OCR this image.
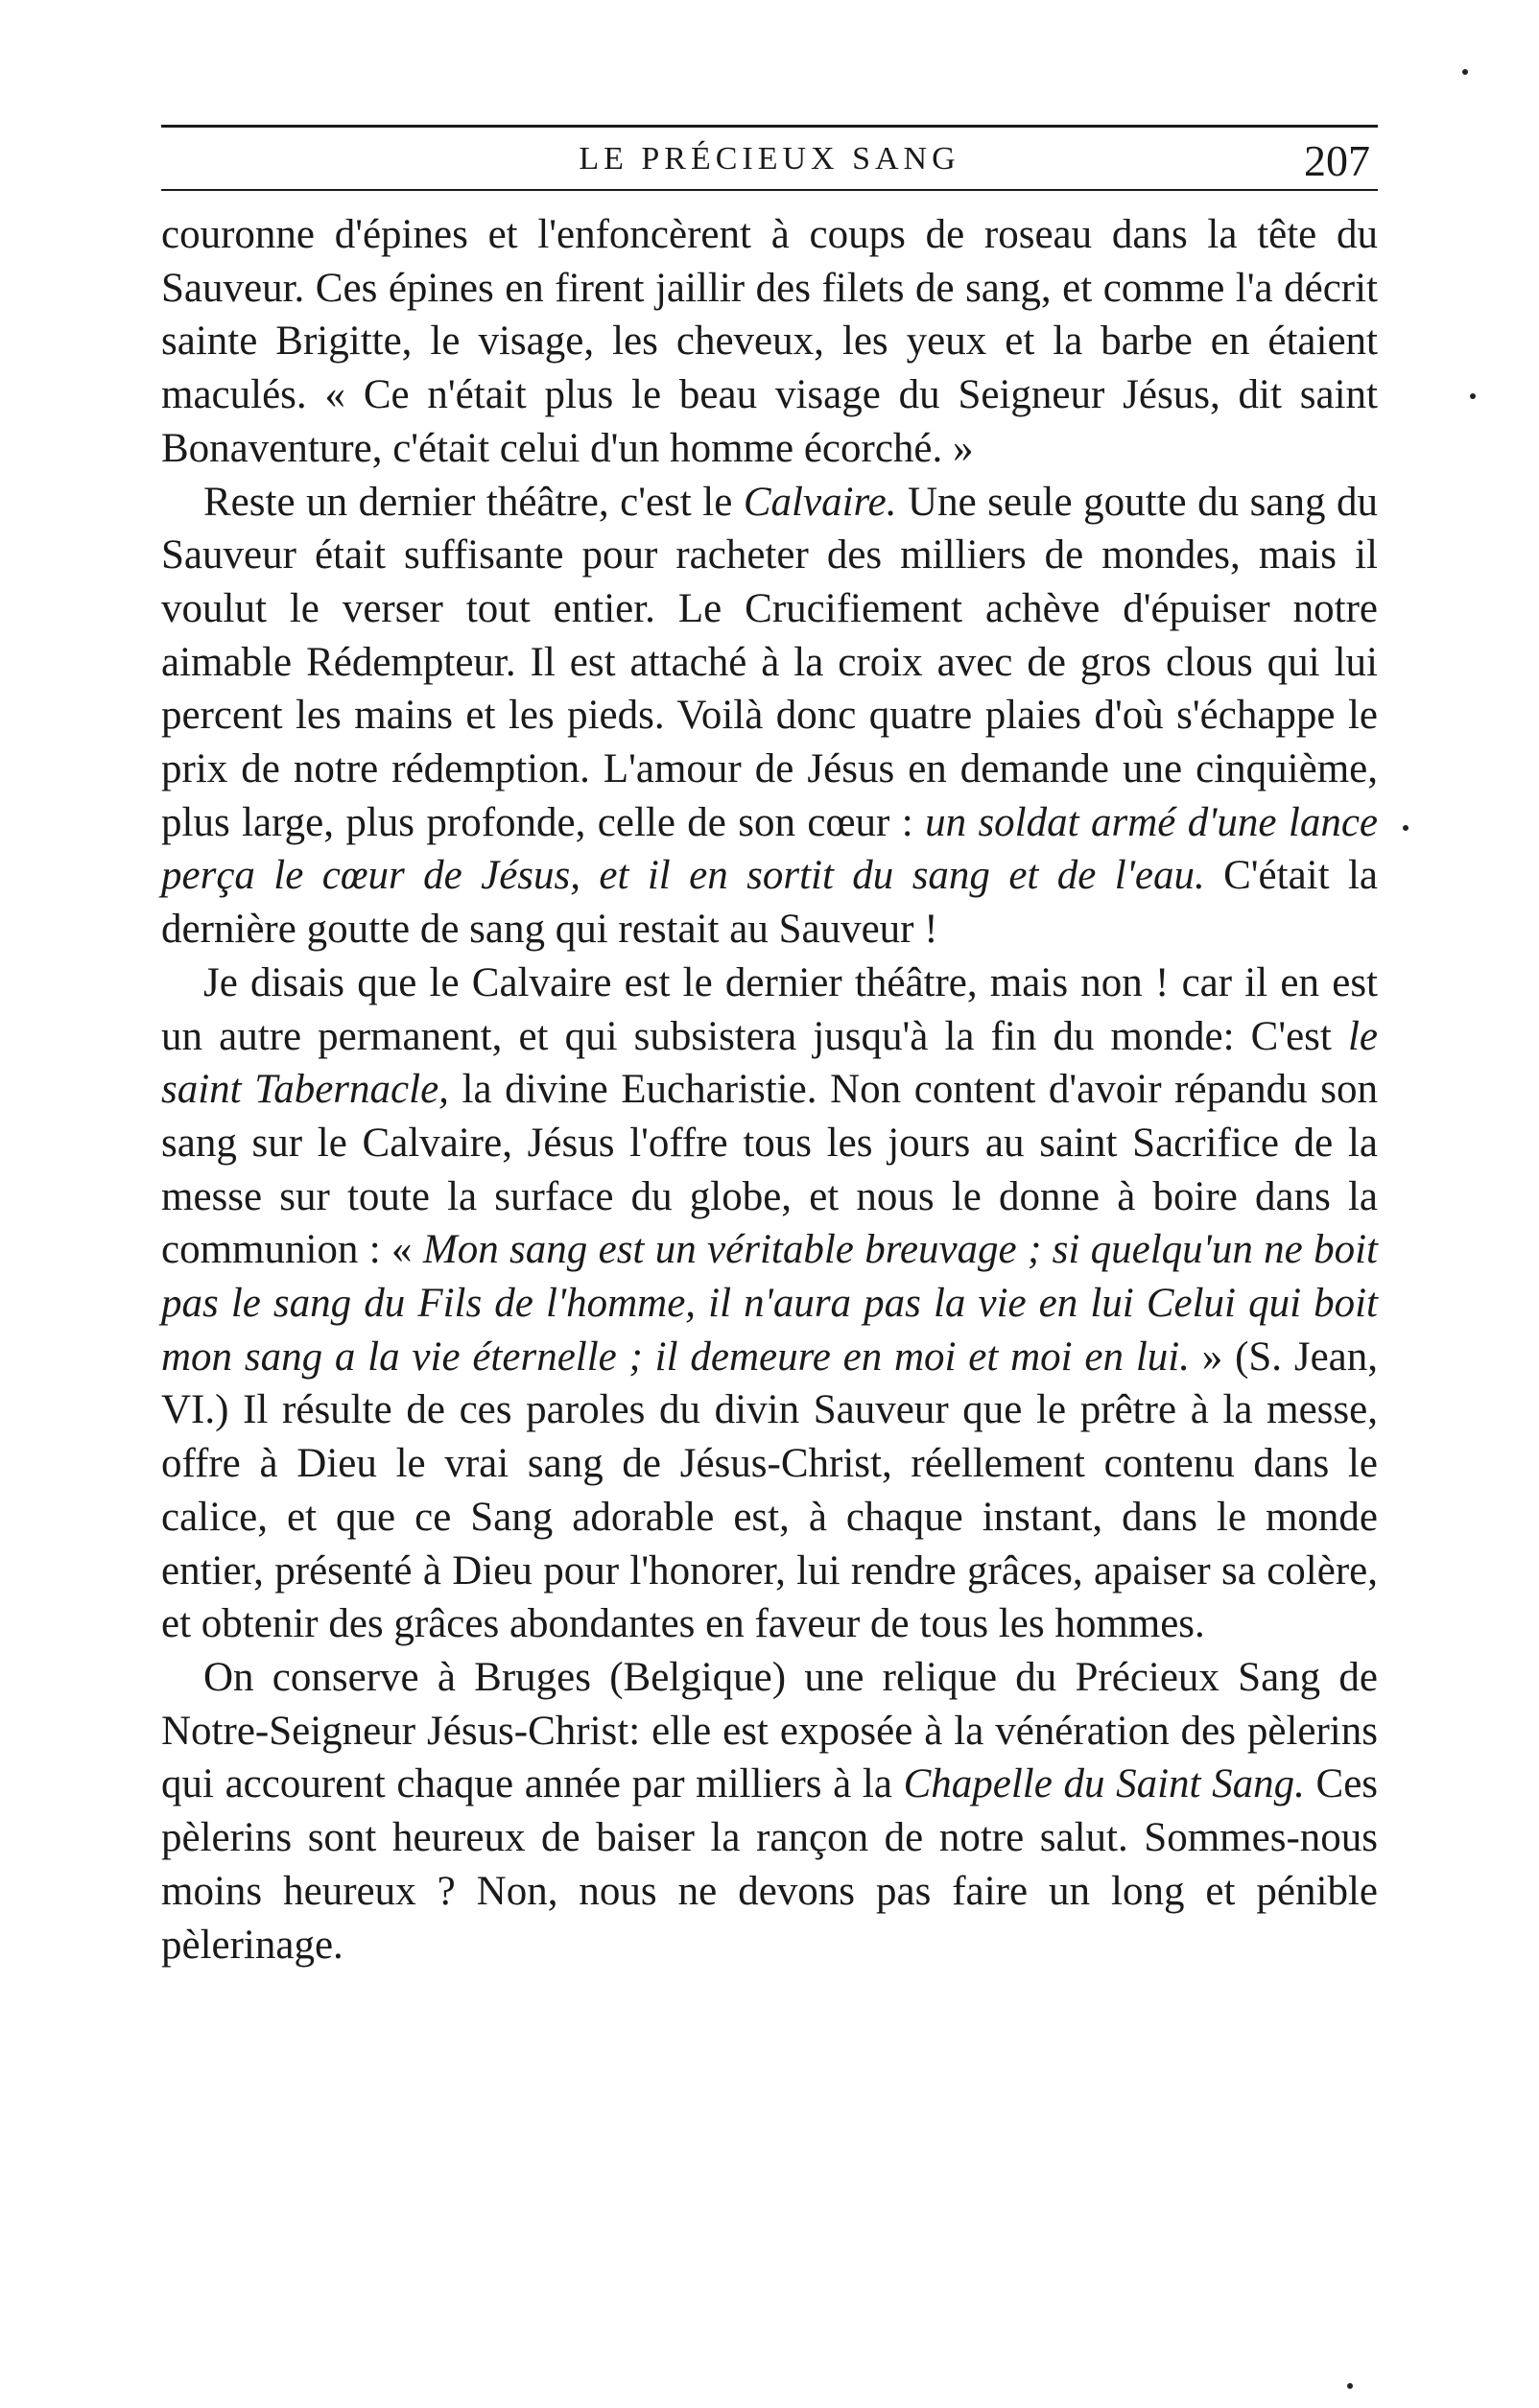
LE PRÉCIEUX SANG	207

couronne d'épines et l'enfoncèrent à coups de roseau dans la tête du Sauveur. Ces épines en firent jaillir des filets de sang, et comme l'a décrit sainte Brigitte, le visage, les cheveux, les yeux et la barbe en étaient maculés. « Ce n'était plus le beau visage du Seigneur Jésus, dit saint Bonaventure, c'était celui d'un homme écorché. »

Reste un dernier théâtre, c'est le Calvaire. Une seule goutte du sang du Sauveur était suffisante pour racheter des milliers de mondes, mais il voulut le verser tout entier. Le Crucifiement achève d'épuiser notre aimable Rédempteur. Il est attaché à la croix avec de gros clous qui lui percent les mains et les pieds. Voilà donc quatre plaies d'où s'échappe le prix de notre rédemption. L'amour de Jésus en demande une cinquième, plus large, plus profonde, celle de son cœur : un soldat armé d'une lance perça le cœur de Jésus, et il en sortit du sang et de l'eau. C'était la dernière goutte de sang qui restait au Sauveur !

Je disais que le Calvaire est le dernier théâtre, mais non ! car il en est un autre permanent, et qui subsistera jusqu'à la fin du monde: C'est le saint Tabernacle, la divine Eucharistie. Non content d'avoir répandu son sang sur le Calvaire, Jésus l'offre tous les jours au saint Sacrifice de la messe sur toute la surface du globe, et nous le donne à boire dans la communion : « Mon sang est un véritable breuvage ; si quelqu'un ne boit pas le sang du Fils de l'homme, il n'aura pas la vie en lui Celui qui boit mon sang a la vie éternelle ; il demeure en moi et moi en lui. » (S. Jean, VI.) Il résulte de ces paroles du divin Sauveur que le prêtre à la messe, offre à Dieu le vrai sang de Jésus-Christ, réellement contenu dans le calice, et que ce Sang adorable est, à chaque instant, dans le monde entier, présenté à Dieu pour l'honorer, lui rendre grâces, apaiser sa colère, et obtenir des grâces abondantes en faveur de tous les hommes.

On conserve à Bruges (Belgique) une relique du Précieux Sang de Notre-Seigneur Jésus-Christ: elle est exposée à la vénération des pèlerins qui accourent chaque année par milliers à la Chapelle du Saint Sang. Ces pèlerins sont heureux de baiser la rançon de notre salut. Sommes-nous moins heureux ? Non, nous ne devons pas faire un long et pénible pèlerinage.
